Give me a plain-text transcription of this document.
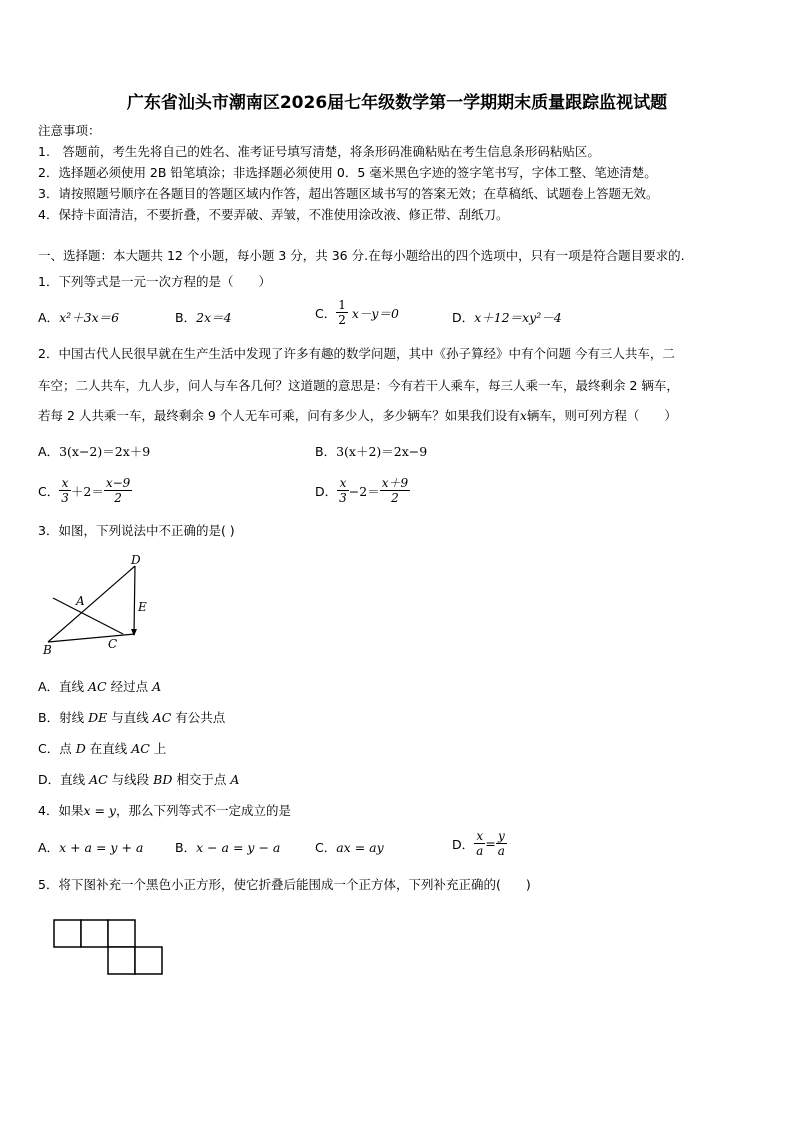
广东省汕头市潮南区2026届七年级数学第一学期期末质量跟踪监视试题
注意事项：
1.　答题前，考生先将自己的姓名、准考证号填写清楚，将条形码准确粘贴在考生信息条形码粘贴区。
2．选择题必须使用 2B 铅笔填涂；非选择题必须使用 0．5 毫米黑色字迹的签字笔书写，字体工整、笔迹清楚。
3．请按照题号顺序在各题目的答题区域内作答，超出答题区域书写的答案无效；在草稿纸、试题卷上答题无效。
4．保持卡面清洁，不要折叠，不要弄破、弄皱，不准使用涂改液、修正带、刮纸刀。
一、选择题：本大题共 12 个小题，每小题 3 分，共 36 分.在每小题给出的四个选项中，只有一项是符合题目要求的.
1．下列等式是一元一次方程的是（　　）
A．x²＋3x＝6	B．2x＝4	C． $\frac{1}{2} x-y=0$	D．x＋12＝xy²－4
2．中国古代人民很早就在生产生活中发现了许多有趣的数学问题，其中《孙子算经》中有个问题 今有三人共车，二
车空；二人共车，九人步，问人与车各几何？这道题的意思是：今有若干人乘车，每三人乘一车，最终剩余 2 辆车，
若每 2 人共乘一车，最终剩余 9 个人无车可乘，问有多少人，多少辆车？如果我们设有x辆车，则可列方程（　　）
A．3(x−2)＝2x＋9	B．3(x＋2)＝2x−9
C． $\frac{x}{3} +2= \frac{x-9}{2}$	D． $\frac{x}{3} -2= \frac{x+9}{2}$
3．如图，下列说法中不正确的是( )
D
A	E
C
B
A．直线 AC 经过点 A
B．射线 DE 与直线 AC 有公共点
C．点 D 在直线 AC 上
D．直线 AC 与线段 BD 相交于点 A
4．如果x = y，那么下列等式不一定成立的是
A．x + a = y + a	B．x − a = y − a	C．ax = ay	D． $\frac{x}{a} = \frac{y}{a}$
5．将下图补充一个黑色小正方形，使它折叠后能围成一个正方体，下列补充正确的(　　)
